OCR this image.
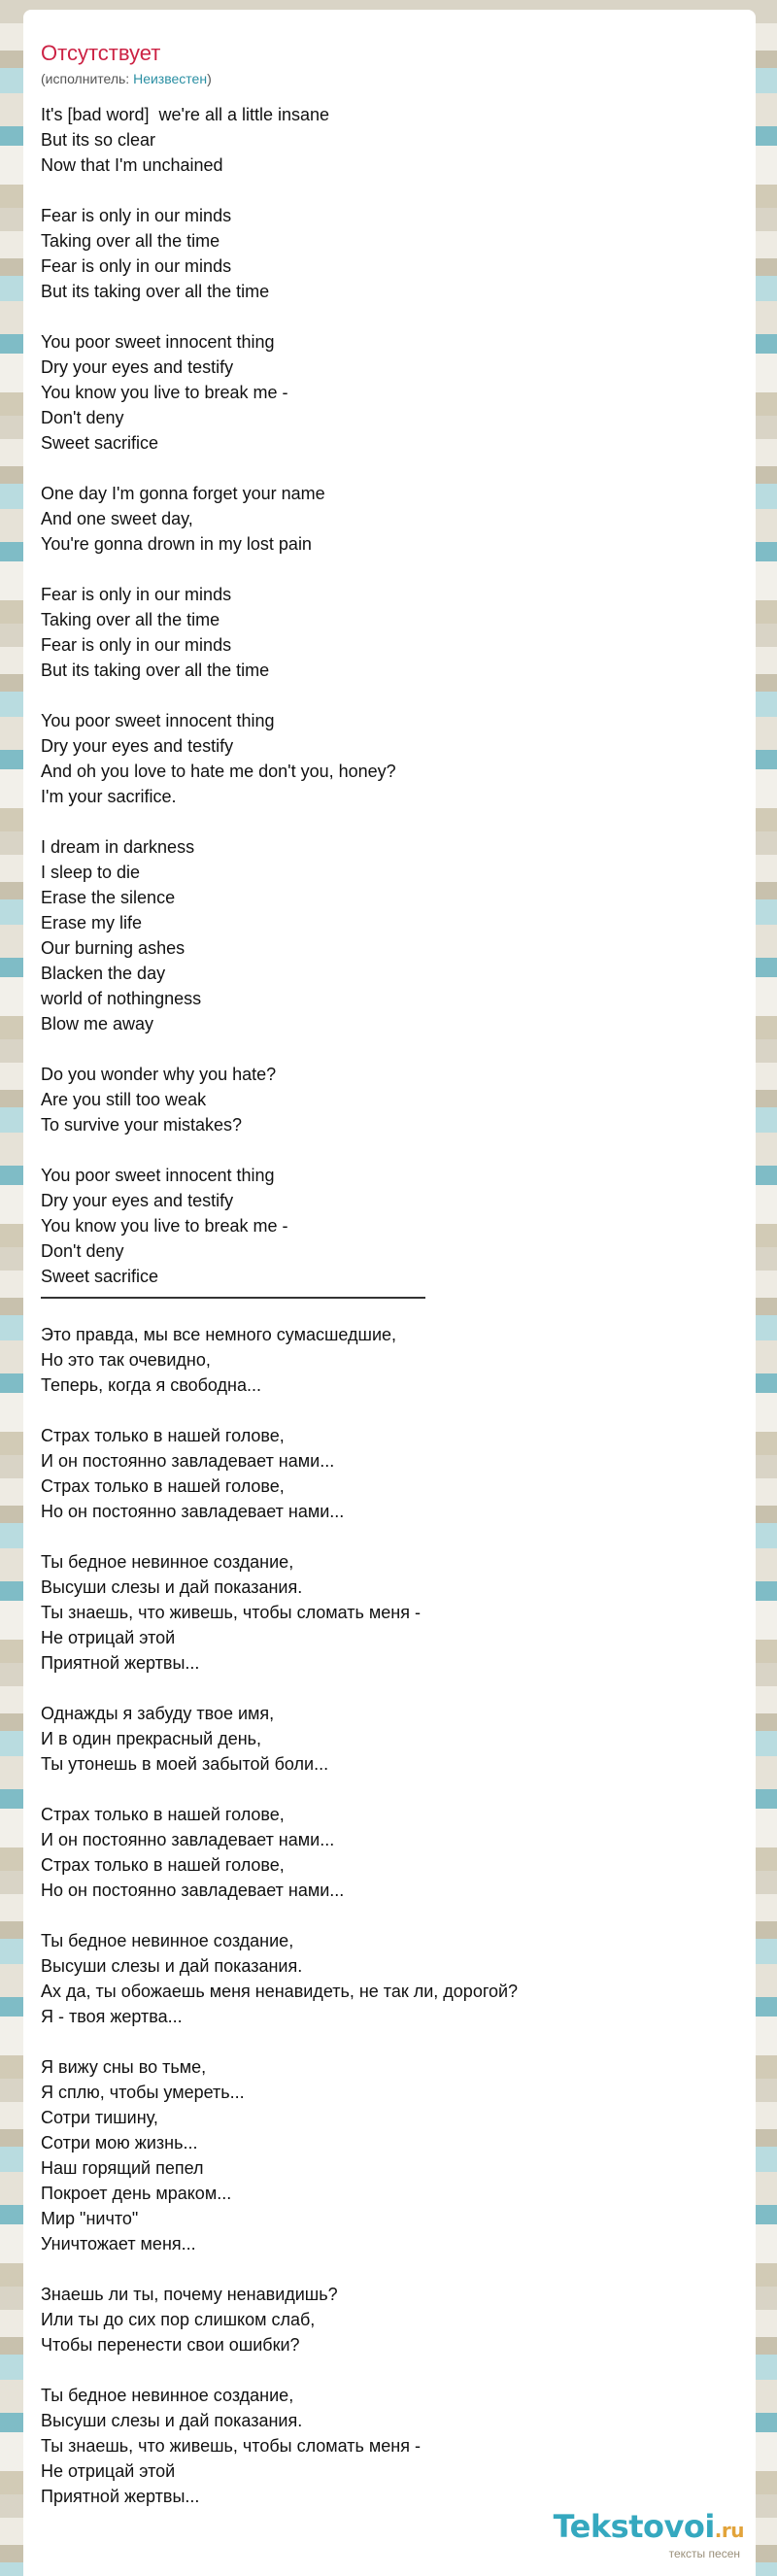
Отсутствует
(исполнитель: Неизвестен)
It's [bad word]  we're all a little insane
But its so clear
Now that I'm unchained
Fear is only in our minds
Taking over all the time
Fear is only in our minds
But its taking over all the time
You poor sweet innocent thing
Dry your eyes and testify
You know you live to break me -
Don't deny
Sweet sacrifice
One day I'm gonna forget your name
And one sweet day,
You're gonna drown in my lost pain
Fear is only in our minds
Taking over all the time
Fear is only in our minds
But its taking over all the time
You poor sweet innocent thing
Dry your eyes and testify
And oh you love to hate me don't you, honey?
I'm your sacrifice.
I dream in darkness
I sleep to die
Erase the silence
Erase my life
Our burning ashes
Blacken the day
world of nothingness
Blow me away
Do you wonder why you hate?
Are you still too weak
To survive your mistakes?
You poor sweet innocent thing
Dry your eyes and testify
You know you live to break me -
Don't deny
Sweet sacrifice
Это правда, мы все немного сумасшедшие,
Но это так очевидно,
Теперь, когда я свободна...
Страх только в нашей голове,
И он постоянно завладевает нами...
Страх только в нашей голове,
Но он постоянно завладевает нами...
Ты бедное невинное создание,
Высуши слезы и дай показания.
Ты знаешь, что живешь, чтобы сломать меня -
Не отрицай этой
Приятной жертвы...
Однажды я забуду твое имя,
И в один прекрасный день,
Ты утонешь в моей забытой боли...
Страх только в нашей голове,
И он постоянно завладевает нами...
Страх только в нашей голове,
Но он постоянно завладевает нами...
Ты бедное невинное создание,
Высуши слезы и дай показания.
Ах да, ты обожаешь меня ненавидеть, не так ли, дорогой?
Я - твоя жертва...
Я вижу сны во тьме,
Я сплю, чтобы умереть...
Сотри тишину,
Сотри мою жизнь...
Наш горящий пепел
Покроет день мраком...
Мир "ничто"
Уничтожает меня...
Знаешь ли ты, почему ненавидишь?
Или ты до сих пор слишком слаб,
Чтобы перенести свои ошибки?
Ты бедное невинное создание,
Высуши слезы и дай показания.
Ты знаешь, что живешь, чтобы сломать меня -
Не отрицай этой
Приятной жертвы...
Tekstovoi.ru
тексты песен
